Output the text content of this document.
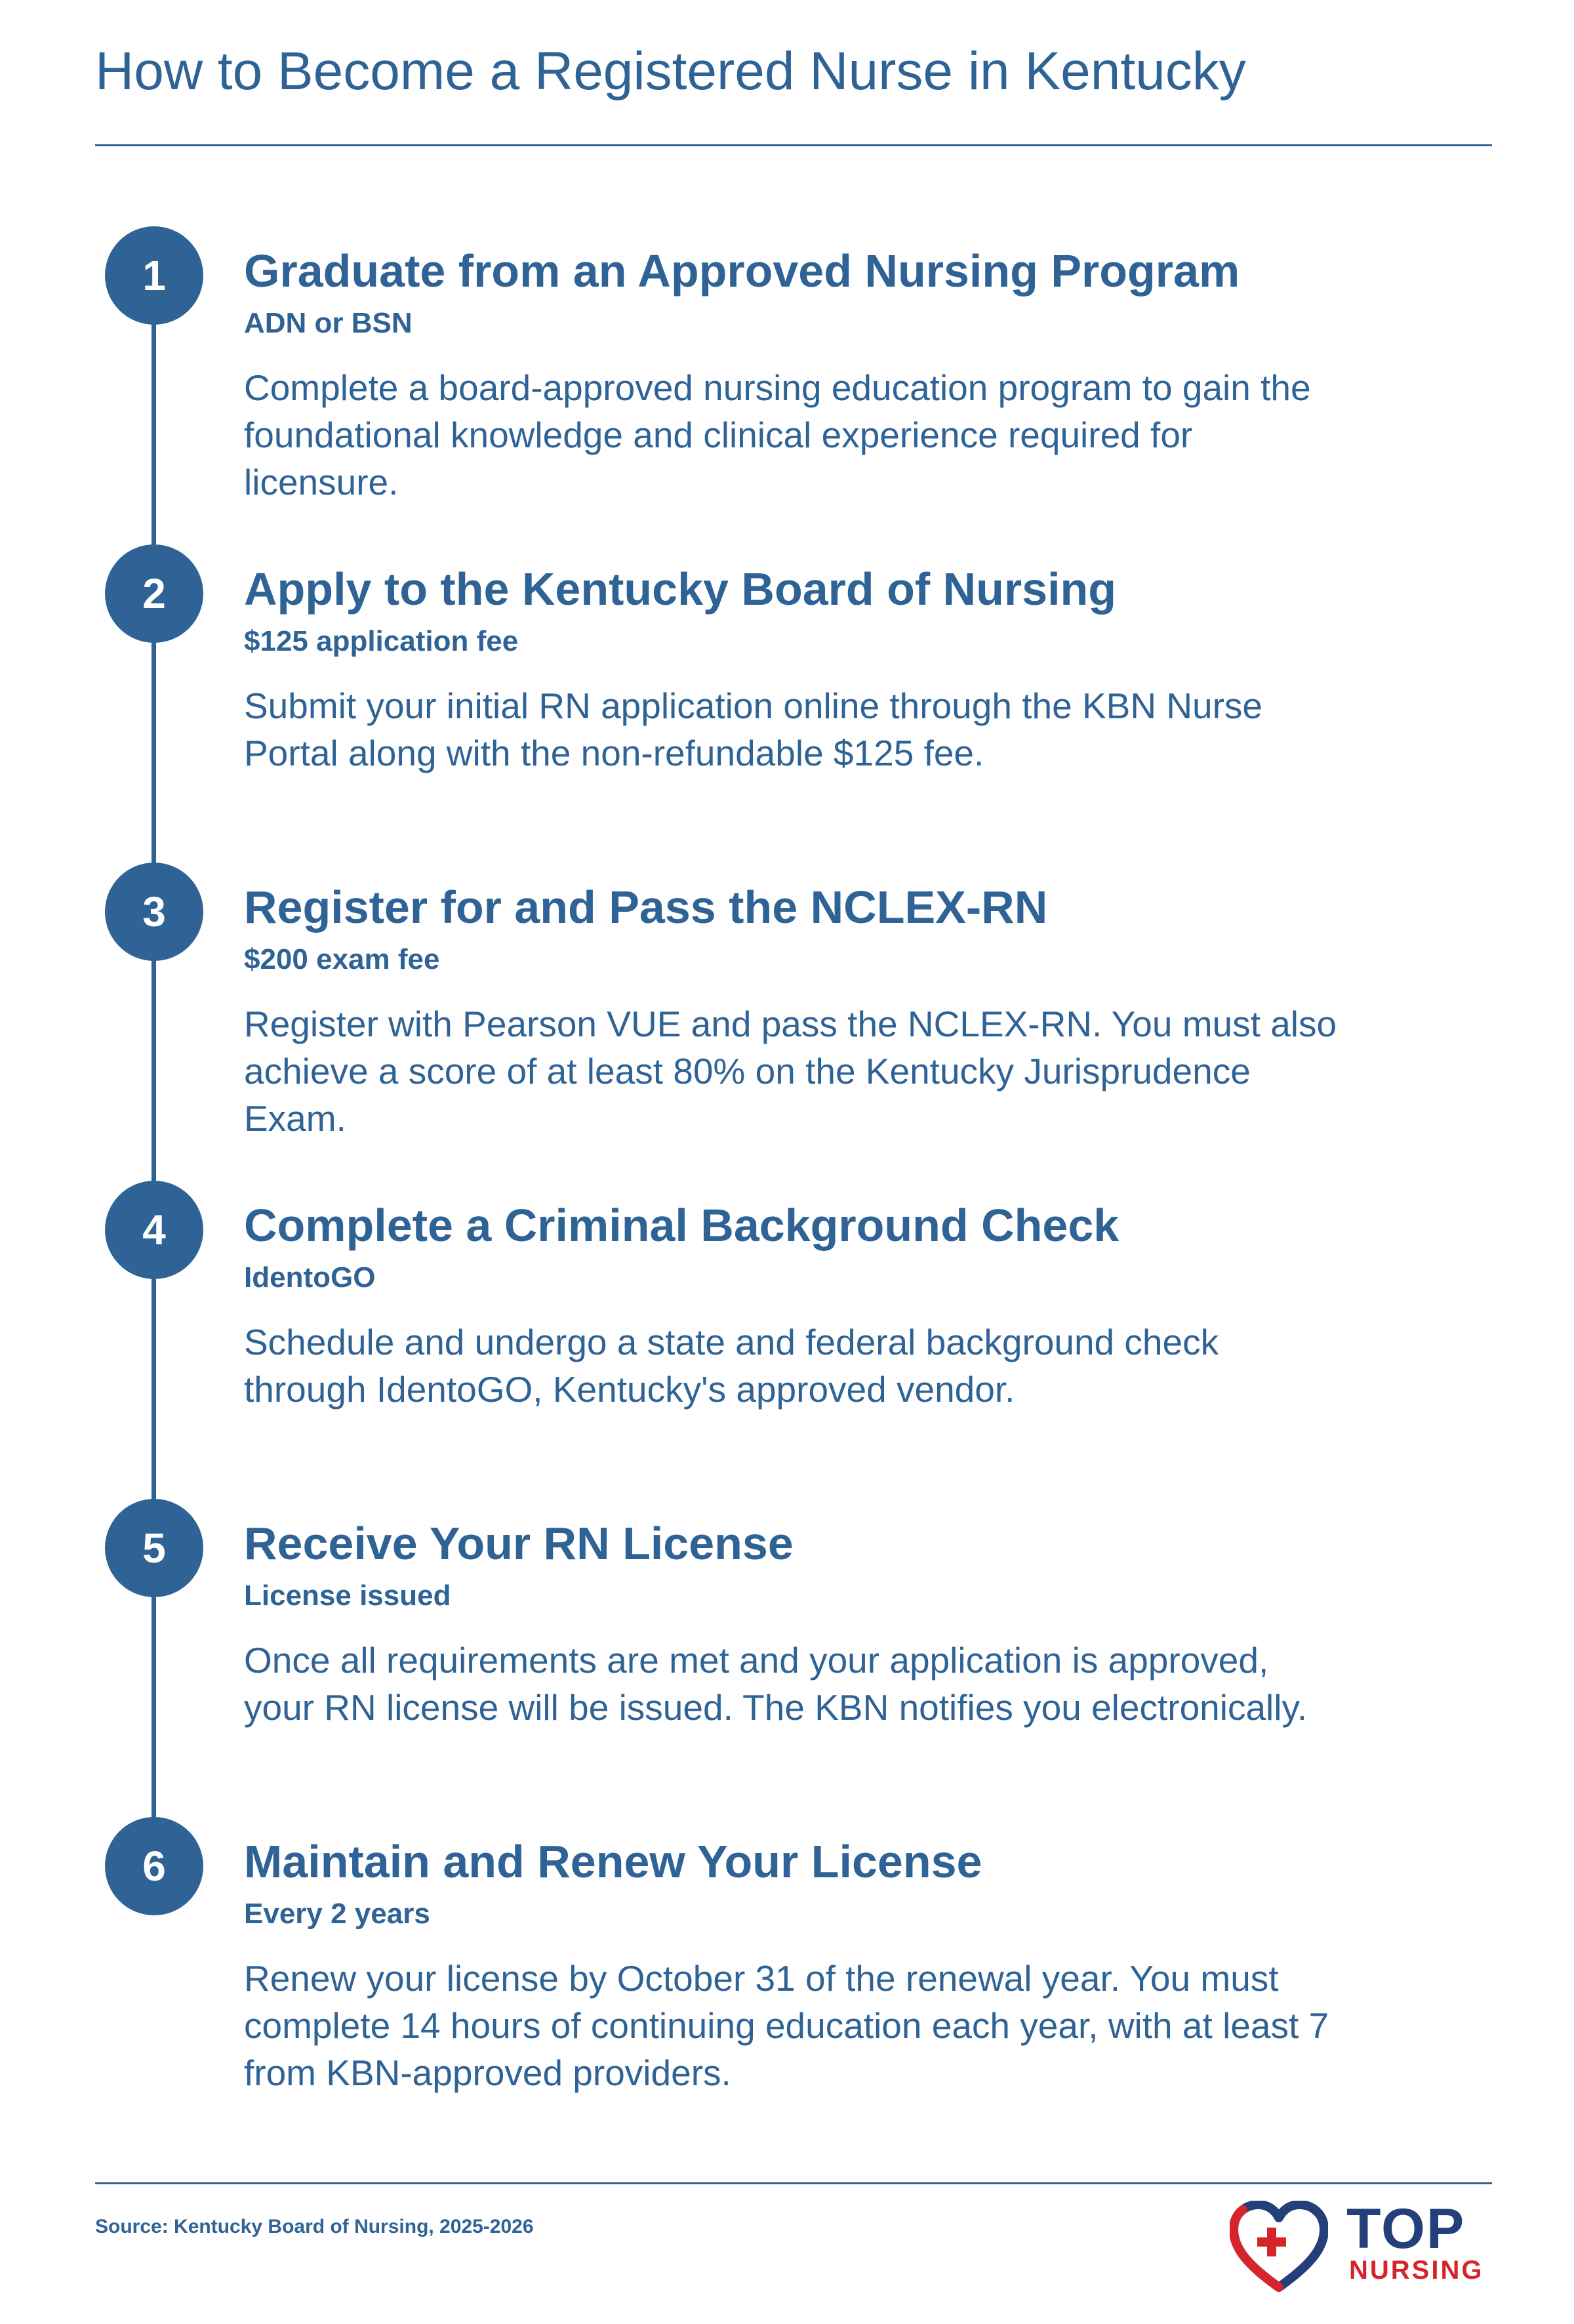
How to Become a Registered Nurse in Kentucky
1	Graduate from an Approved Nursing Program
ADN or BSN
Complete a board-approved nursing education program to gain the foundational knowledge and clinical experience required for licensure.
2	Apply to the Kentucky Board of Nursing
$125 application fee
Submit your initial RN application online through the KBN Nurse Portal along with the non-refundable $125 fee.
3	Register for and Pass the NCLEX-RN
$200 exam fee
Register with Pearson VUE and pass the NCLEX-RN. You must also achieve a score of at least 80% on the Kentucky Jurisprudence Exam.
4	Complete a Criminal Background Check
IdentoGO
Schedule and undergo a state and federal background check through IdentoGO, Kentucky's approved vendor.
5	Receive Your RN License
License issued
Once all requirements are met and your application is approved, your RN license will be issued. The KBN notifies you electronically.
6	Maintain and Renew Your License
Every 2 years
Renew your license by October 31 of the renewal year. You must complete 14 hours of continuing education each year, with at least 7 from KBN-approved providers.
Source: Kentucky Board of Nursing, 2025-2026	TOP
NURSING
